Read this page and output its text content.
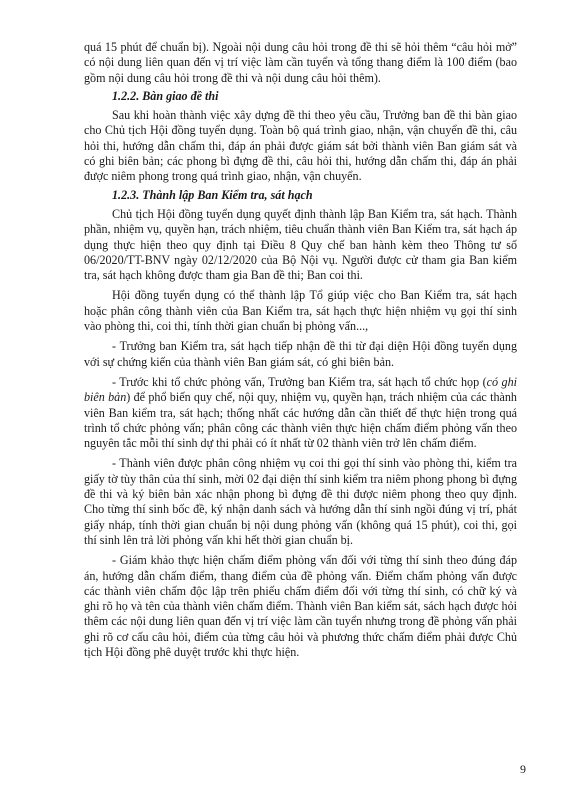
quá 15 phút để chuẩn bị). Ngoài nội dung câu hỏi trong đề thi sẽ hỏi thêm “câu hỏi mở” có nội dung liên quan đến vị trí việc làm cần tuyển và tổng thang điểm là 100 điểm (bao gồm nội dung câu hỏi trong đề thi và nội dung câu hỏi thêm).

1.2.2. Bàn giao đề thi

Sau khi hoàn thành việc xây dựng đề thi theo yêu cầu, Trưởng ban đề thi bàn giao cho Chủ tịch Hội đồng tuyển dụng. Toàn bộ quá trình giao, nhận, vận chuyển đề thi, câu hỏi thi, hướng dẫn chấm thi, đáp án phải được giám sát bởi thành viên Ban giám sát và có ghi biên bản; các phong bì đựng đề thi, câu hỏi thi, hướng dẫn chấm thi, đáp án phải được niêm phong trong quá trình giao, nhận, vận chuyển.

1.2.3. Thành lập Ban Kiểm tra, sát hạch

Chủ tịch Hội đồng tuyển dụng quyết định thành lập Ban Kiểm tra, sát hạch. Thành phần, nhiệm vụ, quyền hạn, trách nhiệm, tiêu chuẩn thành viên Ban Kiểm tra, sát hạch áp dụng thực hiện theo quy định tại Điều 8 Quy chế ban hành kèm theo Thông tư số 06/2020/TT-BNV ngày 02/12/2020 của Bộ Nội vụ. Người được cử tham gia Ban kiểm tra, sát hạch không được tham gia Ban đề thi; Ban coi thi.

Hội đồng tuyển dụng có thể thành lập Tổ giúp việc cho Ban Kiểm tra, sát hạch hoặc phân công thành viên của Ban Kiểm tra, sát hạch thực hiện nhiệm vụ gọi thí sinh vào phòng thi, coi thi, tính thời gian chuẩn bị phỏng vấn...,

- Trưởng ban Kiểm tra, sát hạch tiếp nhận đề thi từ đại diện Hội đồng tuyển dụng với sự chứng kiến của thành viên Ban giám sát, có ghi biên bản.

- Trước khi tổ chức phỏng vấn, Trưởng ban Kiểm tra, sát hạch tổ chức họp (có ghi biên bản) để phổ biến quy chế, nội quy, nhiệm vụ, quyền hạn, trách nhiệm của các thành viên Ban kiểm tra, sát hạch; thống nhất các hướng dẫn cần thiết để thực hiện trong quá trình tổ chức phỏng vấn; phân công các thành viên thực hiện chấm điểm phỏng vấn theo nguyên tắc mỗi thí sinh dự thi phải có ít nhất từ 02 thành viên trở lên chấm điểm.

- Thành viên được phân công nhiệm vụ coi thi gọi thí sinh vào phòng thi, kiểm tra giấy tờ tùy thân của thí sinh, mời 02 đại diện thí sinh kiểm tra niêm phong phong bì đựng đề thi và ký biên bản xác nhận phong bì đựng đề thi được niêm phong theo quy định. Cho từng thí sinh bốc đề, ký nhận danh sách và hướng dẫn thí sinh ngồi đúng vị trí, phát giấy nháp, tính thời gian chuẩn bị nội dung phỏng vấn (không quá 15 phút), coi thi, gọi thí sinh lên trả lời phỏng vấn khi hết thời gian chuẩn bị.

- Giám khảo thực hiện chấm điểm phỏng vấn đối với từng thí sinh theo đúng đáp án, hướng dẫn chấm điểm, thang điểm của đề phỏng vấn. Điểm chấm phỏng vấn được các thành viên chấm độc lập trên phiếu chấm điểm đối với từng thí sinh, có chữ ký và ghi rõ họ và tên của thành viên chấm điểm. Thành viên Ban kiểm sát, sách hạch được hỏi thêm các nội dung liên quan đến vị trí việc làm cần tuyển nhưng trong đề phỏng vấn phải ghi rõ cơ cấu câu hỏi, điểm của từng câu hỏi và phương thức chấm điểm phải được Chủ tịch Hội đồng phê duyệt trước khi thực hiện.

9
